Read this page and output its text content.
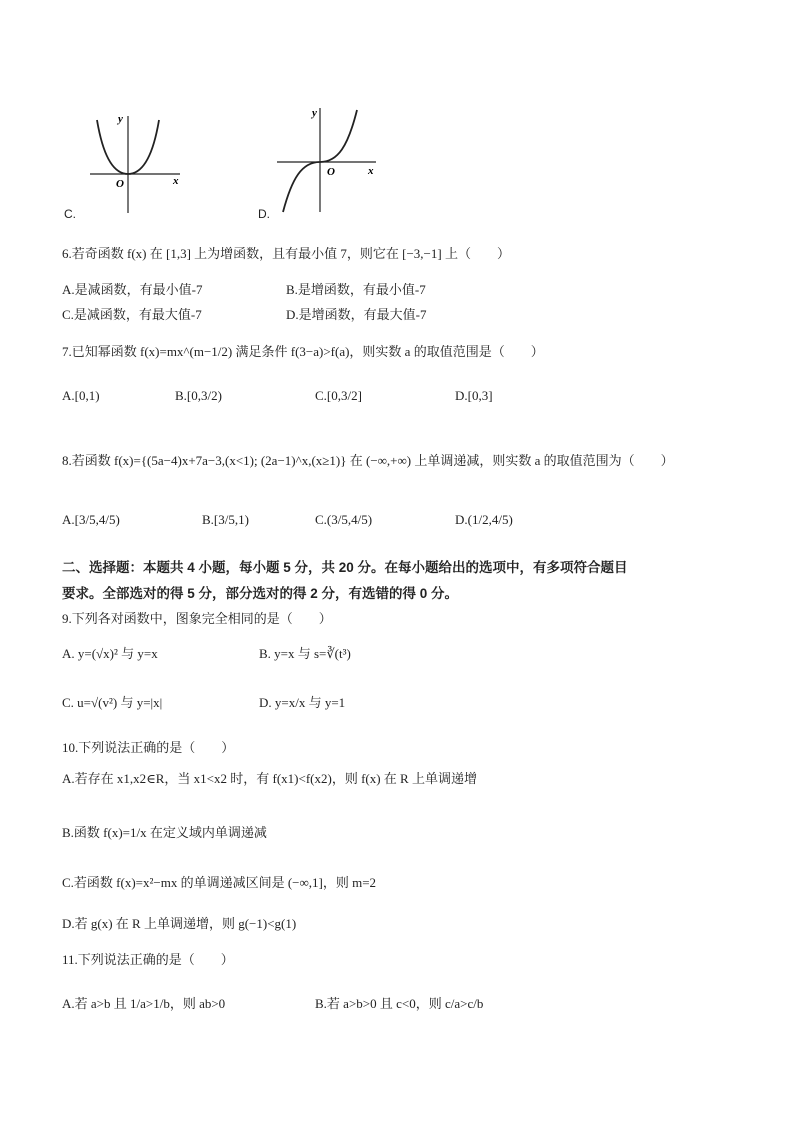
y
x
O
C.
y
x
O
D.
6.若奇函数 f(x) 在 [1,3] 上为增函数，且有最小值 7，则它在 [−3,−1] 上（　　）
A.是减函数，有最小值-7	B.是增函数，有最小值-7
C.是减函数，有最大值-7	D.是增函数，有最大值-7
7.已知幂函数 f(x)=mx^(m−1/2) 满足条件 f(3−a)>f(a)，则实数 a 的取值范围是（　　）
A.[0,1)	B.[0,3/2)	C.[0,3/2]	D.[0,3]
8.若函数 f(x)={(5a−4)x+7a−3,(x<1); (2a−1)^x,(x≥1)} 在 (−∞,+∞) 上单调递减，则实数 a 的取值范围为（　　）
A.[3/5,4/5)	B.[3/5,1)	C.(3/5,4/5)	D.(1/2,4/5)
二、选择题：本题共 4 小题，每小题 5 分，共 20 分。在每小题给出的选项中，有多项符合题目
要求。全部选对的得 5 分，部分选对的得 2 分，有选错的得 0 分。
9.下列各对函数中，图象完全相同的是（　　）
A. y=(√x)² 与 y=x	B. y=x 与 s=∛(t³)
C. u=√(v²) 与 y=|x|	D. y=x/x 与 y=1
10.下列说法正确的是（　　）
A.若存在 x1,x2∈R，当 x1<x2 时，有 f(x1)<f(x2)，则 f(x) 在 R 上单调递增
B.函数 f(x)=1/x 在定义域内单调递减
C.若函数 f(x)=x²−mx 的单调递减区间是 (−∞,1]，则 m=2
D.若 g(x) 在 R 上单调递增，则 g(−1)<g(1)
11.下列说法正确的是（　　）
A.若 a>b 且 1/a>1/b，则 ab>0	B.若 a>b>0 且 c<0，则 c/a>c/b
